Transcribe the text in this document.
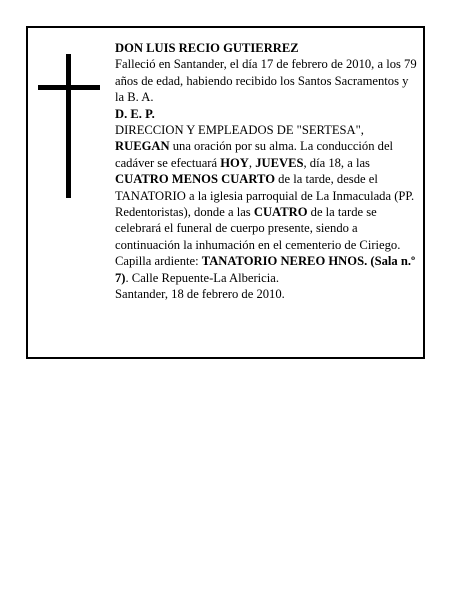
DON LUIS RECIO GUTIERREZ

Falleció en Santander, el día 17 de febrero de 2010, a los 79 años de edad, habiendo recibido los Santos Sacramentos y la B. A.

D. E. P.

DIRECCION Y EMPLEADOS DE "SERTESA", RUEGAN una oración por su alma. La conducción del cadáver se efectuará HOY, JUEVES, día 18, a las CUATRO MENOS CUARTO de la tarde, desde el TANATORIO a la iglesia parroquial de La Inmaculada (PP. Redentoristas), donde a las CUATRO de la tarde se celebrará el funeral de cuerpo presente, siendo a continuación la inhumación en el cementerio de Ciriego. Capilla ardiente: TANATORIO NEREO HNOS. (Sala n.º 7). Calle Repuente-La Albericia.

Santander, 18 de febrero de 2010.
